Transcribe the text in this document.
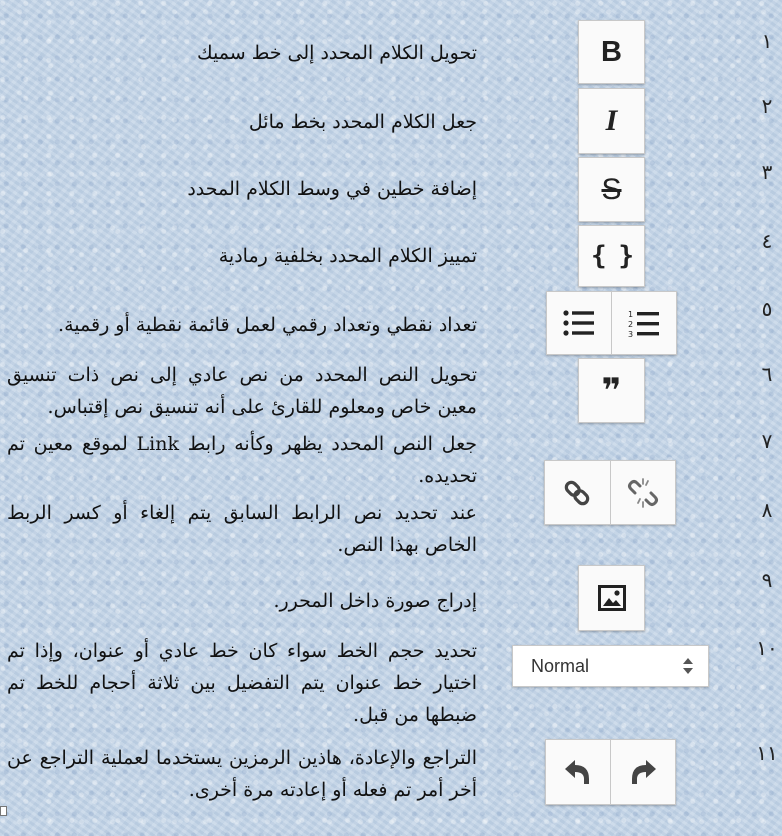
١
٢
٣
٤
٥
٦
٧
٨
٩
١٠
١١
تحويل الكلام المحدد إلى خط سميك
جعل الكلام المحدد بخط مائل
إضافة خطين في وسط الكلام المحدد
تمييز الكلام المحدد بخلفية رمادية
تعداد نقطي وتعداد رقمي لعمل قائمة نقطية أو رقمية.
تحويل النص المحدد من نص عادي إلى نص ذات تنسيق معين خاص ومعلوم للقارئ على أنه تنسيق نص إقتباس.
جعل النص المحدد يظهر وكأنه رابط Link لموقع معين تم تحديده.
عند تحديد نص الرابط السابق يتم إلغاء أو كسر الربط الخاص بهذا النص.
إدراج صورة داخل المحرر.
تحديد حجم الخط سواء كان خط عادي أو عنوان، وإذا تم اختيار خط عنوان يتم التفضيل بين ثلاثة أحجام للخط تم ضبطها من قبل.
التراجع والإعادة، هاذين الرمزين يستخدما لعملية التراجع عن أخر أمر تم فعله أو إعادته مرة أخرى.
B
I
S
{ }
1
2
3
❞
Normal
